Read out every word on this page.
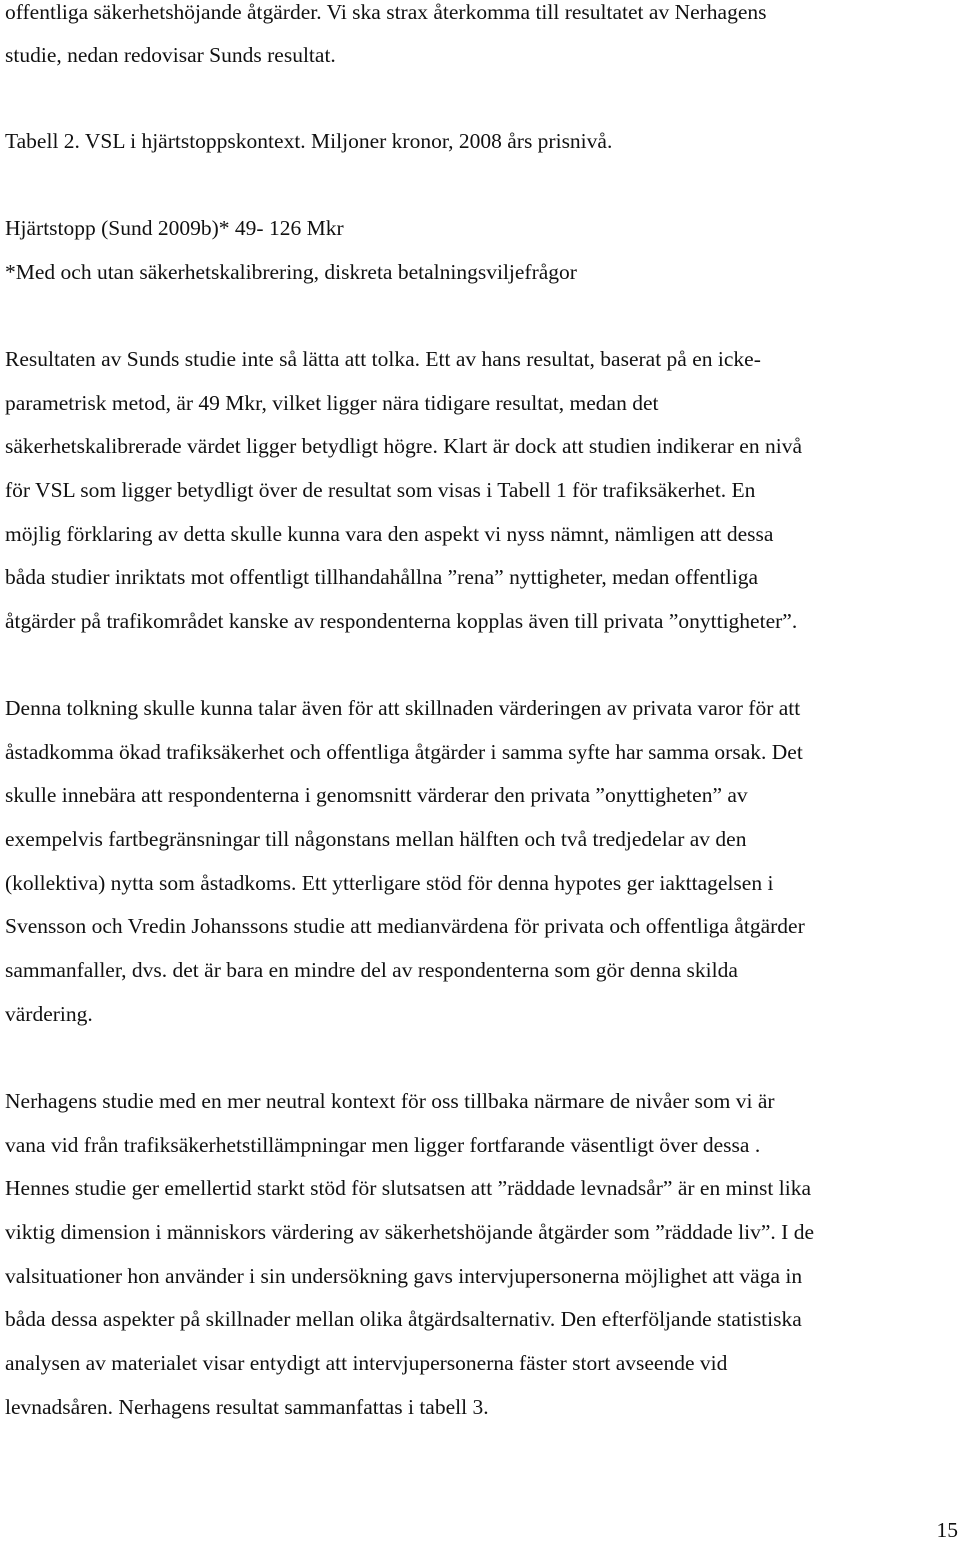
offentliga säkerhetshöjande åtgärder. Vi ska strax återkomma till resultatet av Nerhagens
studie, nedan redovisar Sunds resultat.
Tabell 2. VSL i hjärtstoppskontext. Miljoner kronor, 2008 års prisnivå.
Hjärtstopp (Sund 2009b)* 49- 126 Mkr
*Med och utan säkerhetskalibrering, diskreta betalningsviljefrågor
Resultaten av Sunds studie inte så lätta att tolka. Ett av hans resultat, baserat på en icke-
parametrisk metod, är 49 Mkr, vilket ligger nära tidigare resultat, medan det
säkerhetskalibrerade värdet ligger betydligt högre. Klart är dock att studien indikerar en nivå
för VSL som ligger betydligt över de resultat som visas i Tabell 1 för trafiksäkerhet. En
möjlig förklaring av detta skulle kunna vara den aspekt vi nyss nämnt, nämligen att dessa
båda studier inriktats mot offentligt tillhandahållna ”rena” nyttigheter, medan offentliga
åtgärder på trafikområdet kanske av respondenterna kopplas även till privata ”onyttigheter”.
Denna tolkning skulle kunna talar även för att skillnaden värderingen av privata varor för att
åstadkomma ökad trafiksäkerhet och offentliga åtgärder i samma syfte har samma orsak. Det
skulle innebära att respondenterna i genomsnitt värderar den privata ”onyttigheten” av
exempelvis fartbegränsningar till någonstans mellan hälften och två tredjedelar av den
(kollektiva) nytta som åstadkoms. Ett ytterligare stöd för denna hypotes ger iakttagelsen i
Svensson och Vredin Johanssons studie att medianvärdena för privata och offentliga åtgärder
sammanfaller, dvs. det är bara en mindre del av respondenterna som gör denna skilda
värdering.
Nerhagens studie med en mer neutral kontext för oss tillbaka närmare de nivåer som vi är
vana vid från trafiksäkerhetstillämpningar men ligger fortfarande väsentligt över dessa .
Hennes studie ger emellertid starkt stöd för slutsatsen att ”räddade levnadsår” är en minst lika
viktig dimension i människors värdering av säkerhetshöjande åtgärder som ”räddade liv”. I de
valsituationer hon använder i sin undersökning gavs intervjupersonerna möjlighet att väga in
båda dessa aspekter på skillnader mellan olika åtgärdsalternativ. Den efterföljande statistiska
analysen av materialet visar entydigt att intervjupersonerna fäster stort avseende vid
levnadsåren. Nerhagens resultat sammanfattas i tabell 3.
15
